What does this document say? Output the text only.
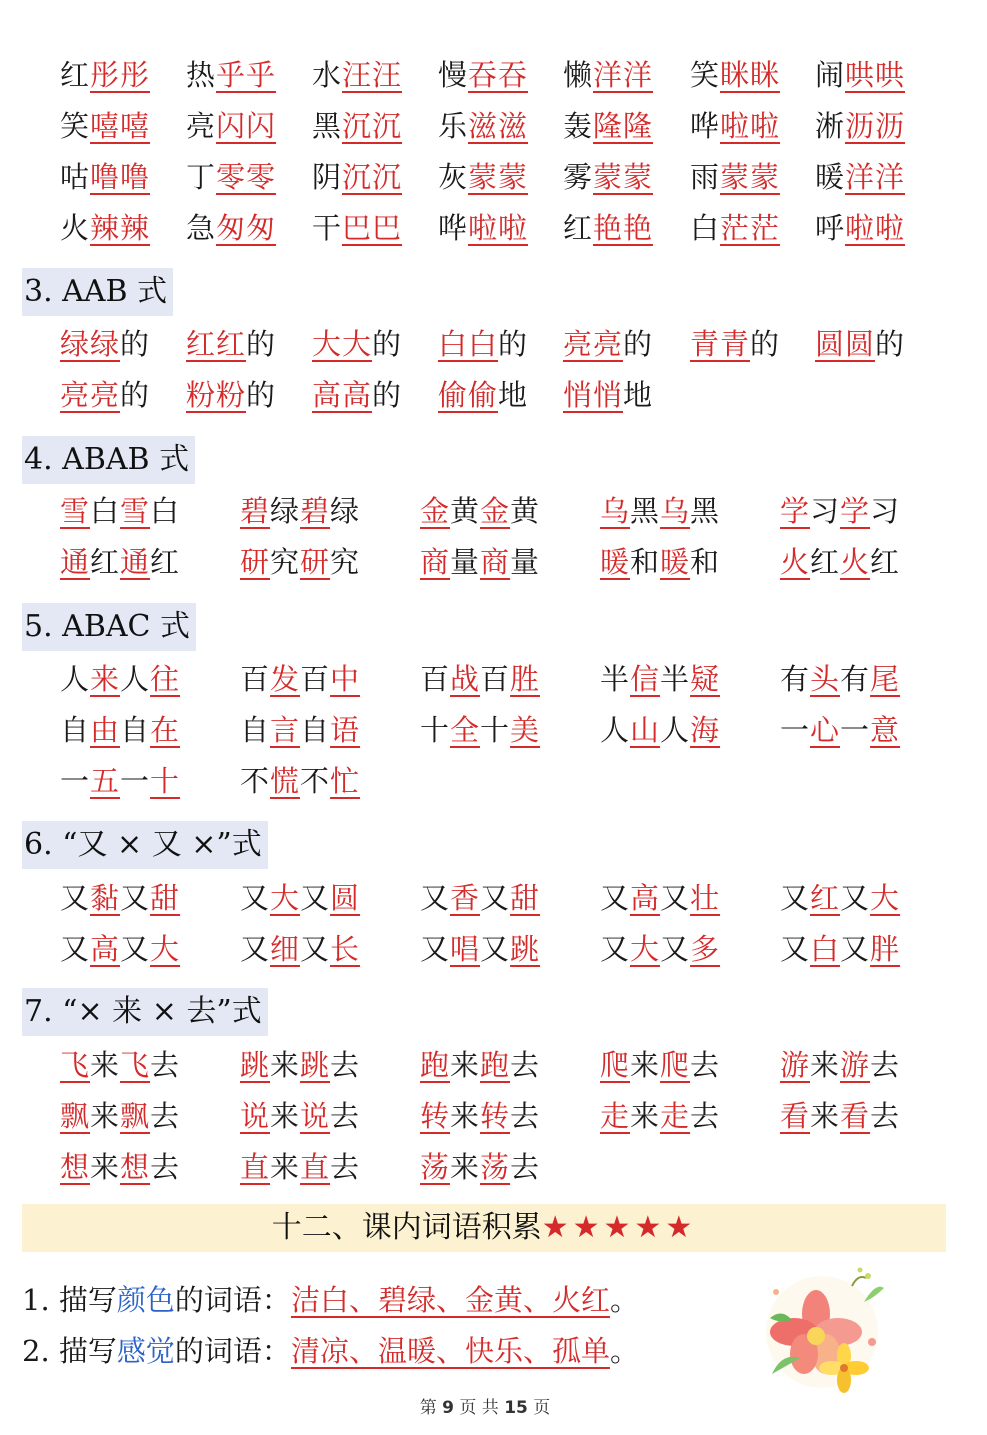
红彤彤 热乎乎 水汪汪 慢吞吞 懒洋洋 笑眯眯 闹哄哄
笑嘻嘻 亮闪闪 黑沉沉 乐滋滋 轰隆隆 哗啦啦 淅沥沥
咕噜噜 丁零零 阴沉沉 灰蒙蒙 雾蒙蒙 雨蒙蒙 暖洋洋
火辣辣 急匆匆 干巴巴 哗啦啦 红艳艳 白茫茫 呼啦啦
绿绿的 红红的 大大的 白白的 亮亮的 青青的 圆圆的
亮亮的 粉粉的 高高的 偷偷地 悄悄地
3. AAB 式
4. ABAB 式
5. ABAC 式
6. “又 × 又 ×”式
7. “× 来 × 去”式
雪白雪白 碧绿碧绿 金黄金黄 乌黑乌黑 学习学习
通红通红 研究研究 商量商量 暖和暖和 火红火红
人来人往 百发百中 百战百胜 半信半疑 有头有尾
自由自在 自言自语 十全十美 人山人海 一心一意
一五一十 不慌不忙
又黏又甜 又大又圆 又香又甜 又高又壮 又红又大
又高又大 又细又长 又唱又跳 又大又多 又白又胖
飞来飞去 跳来跳去 跑来跑去 爬来爬去 游来游去
飘来飘去 说来说去 转来转去 走来走去 看来看去
想来想去 直来直去 荡来荡去
十二、课内词语积累★★★★★
1. 描写颜色的词语：洁白、碧绿、金黄、火红。
2. 描写感觉的词语：清凉、温暖、快乐、孤单。
第 9 页 共 15 页
